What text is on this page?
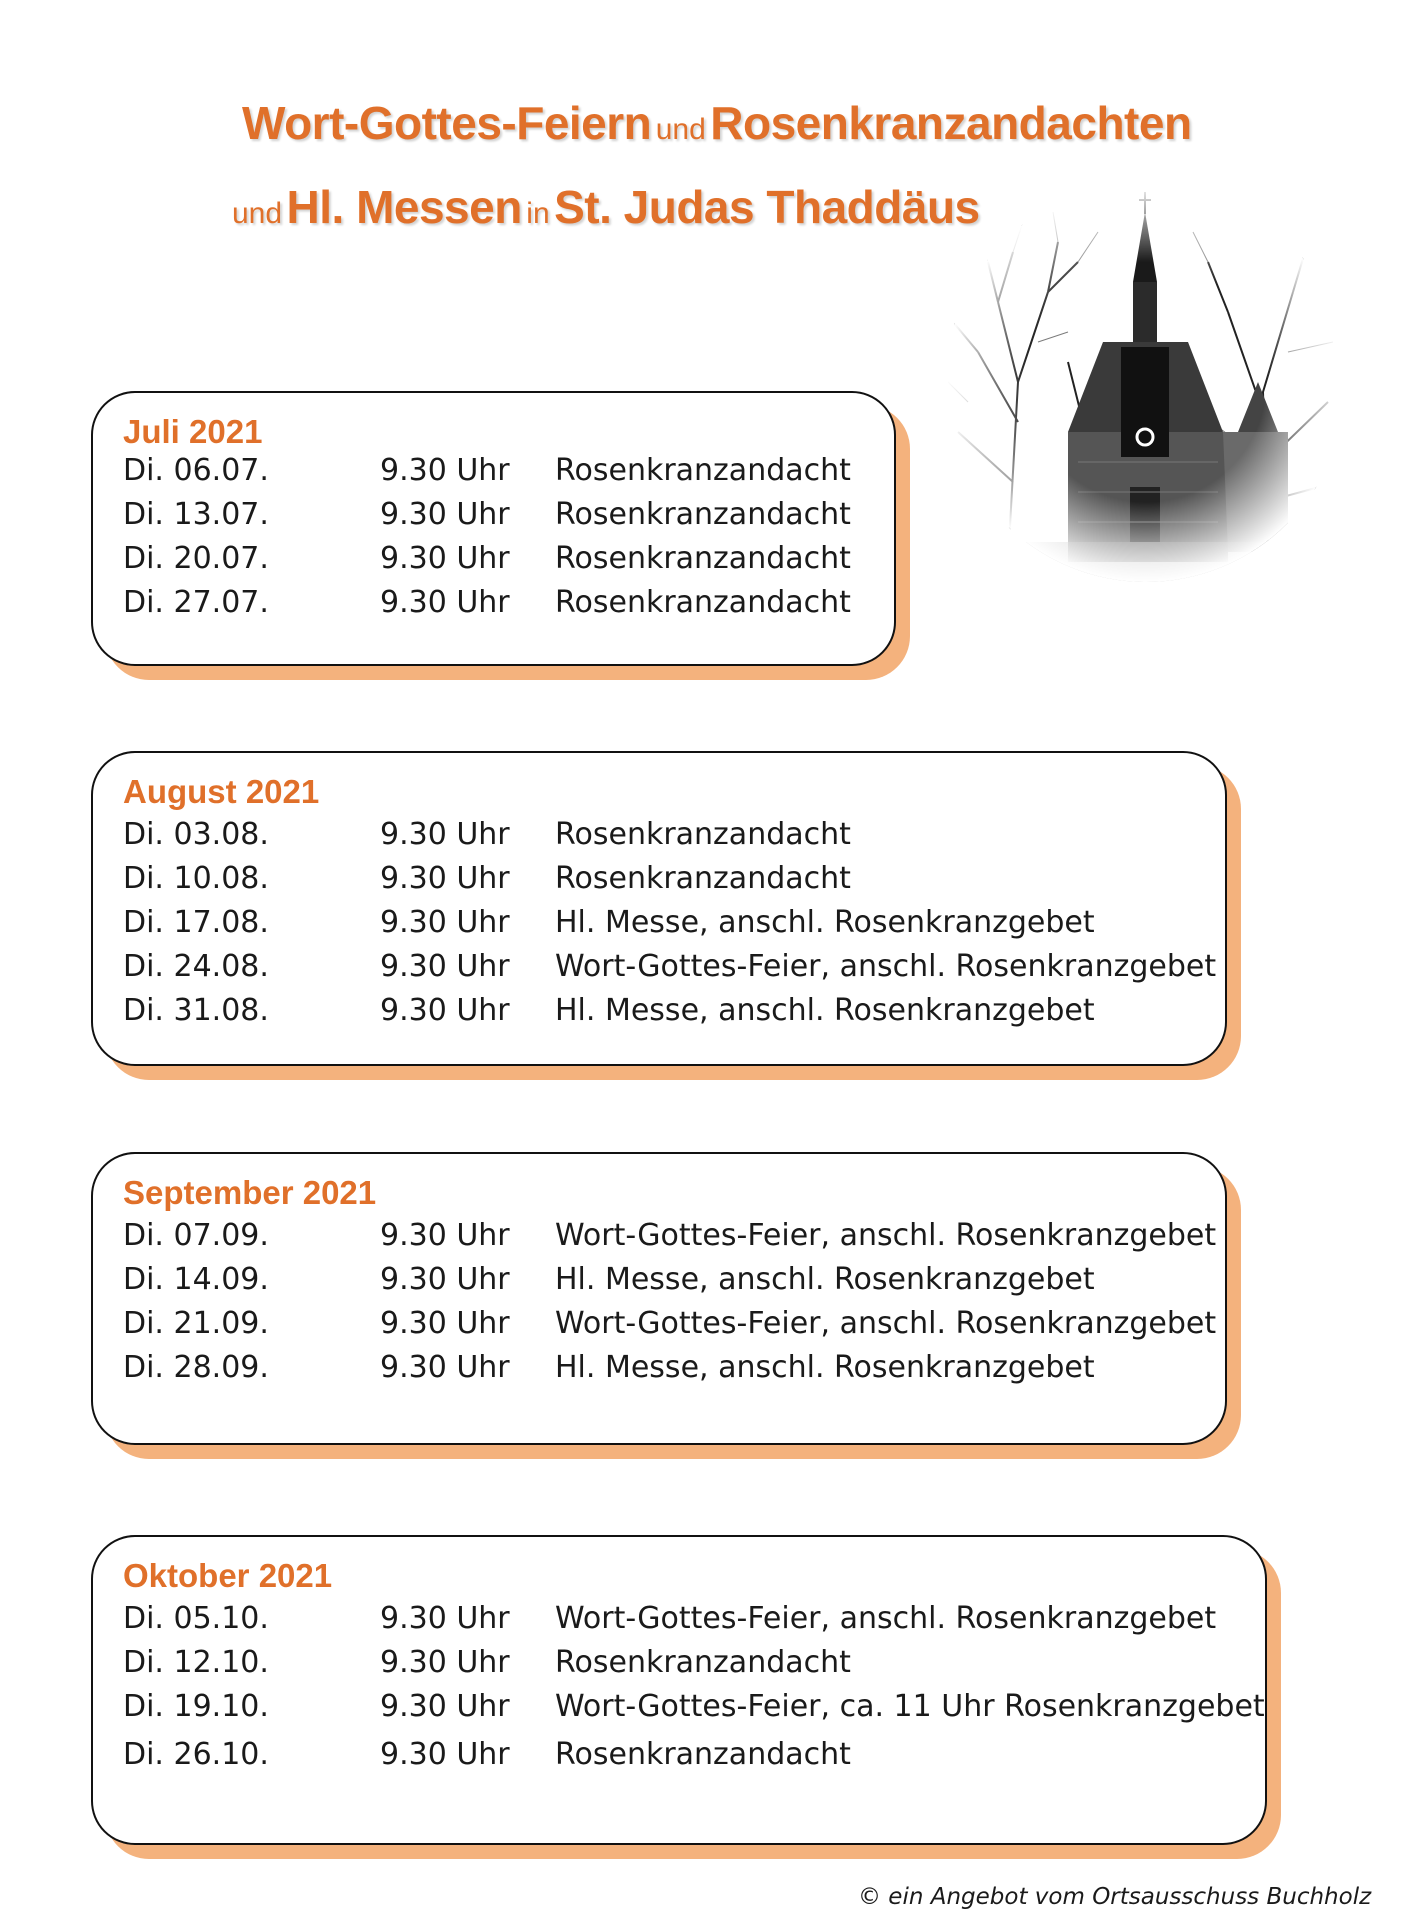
Wort-Gottes-Feiern und Rosenkranzandachten
und Hl. Messen in St. Judas Thaddäus
Juli 2021
Di. 06.07.	9.30 Uhr	Rosenkranzandacht
Di. 13.07.	9.30 Uhr	Rosenkranzandacht
Di. 20.07.	9.30 Uhr	Rosenkranzandacht
Di. 27.07.	9.30 Uhr	Rosenkranzandacht
August 2021
Di. 03.08.	9.30 Uhr	Rosenkranzandacht
Di. 10.08.	9.30 Uhr	Rosenkranzandacht
Di. 17.08.	9.30 Uhr	Hl. Messe, anschl. Rosenkranzgebet
Di. 24.08.	9.30 Uhr	Wort-Gottes-Feier, anschl. Rosenkranzgebet
Di. 31.08.	9.30 Uhr	Hl. Messe, anschl. Rosenkranzgebet
September 2021
Di. 07.09.	9.30 Uhr	Wort-Gottes-Feier, anschl. Rosenkranzgebet
Di. 14.09.	9.30 Uhr	Hl. Messe, anschl. Rosenkranzgebet
Di. 21.09.	9.30 Uhr	Wort-Gottes-Feier, anschl. Rosenkranzgebet
Di. 28.09.	9.30 Uhr	Hl. Messe, anschl. Rosenkranzgebet
Oktober 2021
Di. 05.10.	9.30 Uhr	Wort-Gottes-Feier, anschl. Rosenkranzgebet
Di. 12.10.	9.30 Uhr	Rosenkranzandacht
Di. 19.10.	9.30 Uhr	Wort-Gottes-Feier, ca. 11 Uhr Rosenkranzgebet
Di. 26.10.	9.30 Uhr	Rosenkranzandacht
© ein Angebot vom Ortsausschuss Buchholz
